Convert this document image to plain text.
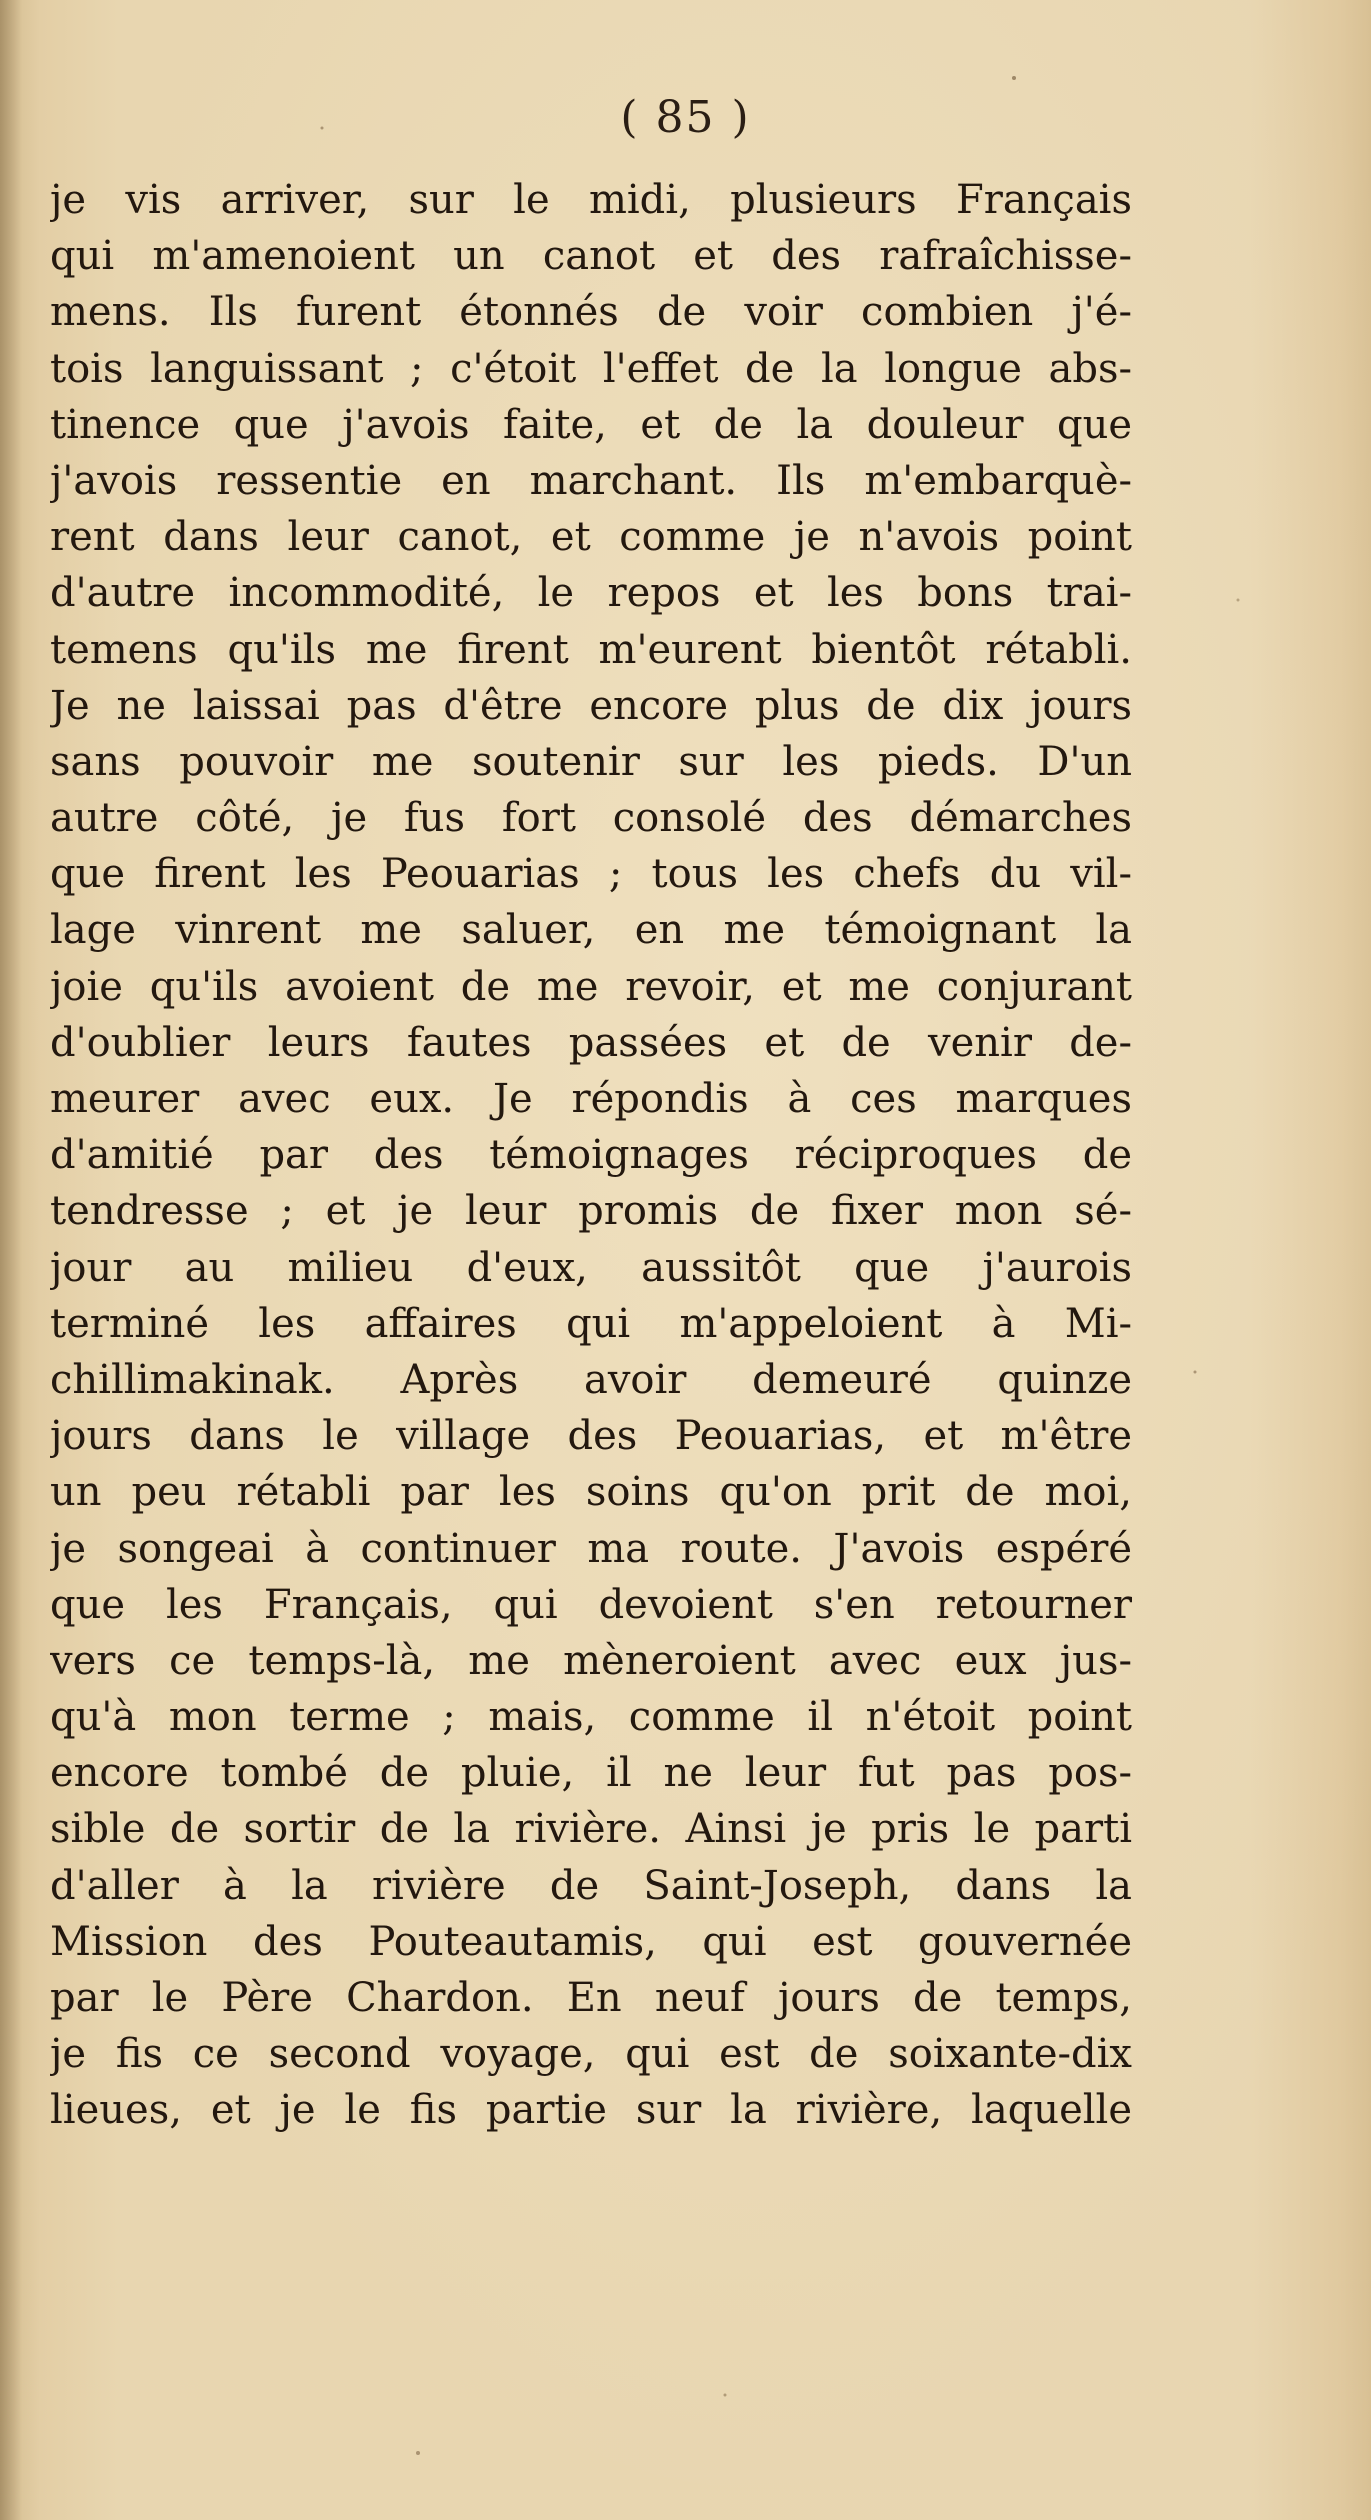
( 85 )
je vis arriver, sur le midi, plusieurs Français
qui m'amenoient un canot et des rafraîchisse-
mens. Ils furent étonnés de voir combien j'é-
tois languissant ; c'étoit l'effet de la longue abs-
tinence que j'avois faite, et de la douleur que
j'avois ressentie en marchant. Ils m'embarquè-
rent dans leur canot, et comme je n'avois point
d'autre incommodité, le repos et les bons trai-
temens qu'ils me firent m'eurent bientôt rétabli.
Je ne laissai pas d'être encore plus de dix jours
sans pouvoir me soutenir sur les pieds. D'un
autre côté, je fus fort consolé des démarches
que firent les Peouarias ; tous les chefs du vil-
lage vinrent me saluer, en me témoignant la
joie qu'ils avoient de me revoir, et me conjurant
d'oublier leurs fautes passées et de venir de-
meurer avec eux. Je répondis à ces marques
d'amitié par des témoignages réciproques de
tendresse ; et je leur promis de fixer mon sé-
jour au milieu d'eux, aussitôt que j'aurois
terminé les affaires qui m'appeloient à Mi-
chillimakinak. Après avoir demeuré quinze
jours dans le village des Peouarias, et m'être
un peu rétabli par les soins qu'on prit de moi,
je songeai à continuer ma route. J'avois espéré
que les Français, qui devoient s'en retourner
vers ce temps-là, me mèneroient avec eux jus-
qu'à mon terme ; mais, comme il n'étoit point
encore tombé de pluie, il ne leur fut pas pos-
sible de sortir de la rivière. Ainsi je pris le parti
d'aller à la rivière de Saint-Joseph, dans la
Mission des Pouteautamis, qui est gouvernée
par le Père Chardon. En neuf jours de temps,
je fis ce second voyage, qui est de soixante-dix
lieues, et je le fis partie sur la rivière, laquelle
